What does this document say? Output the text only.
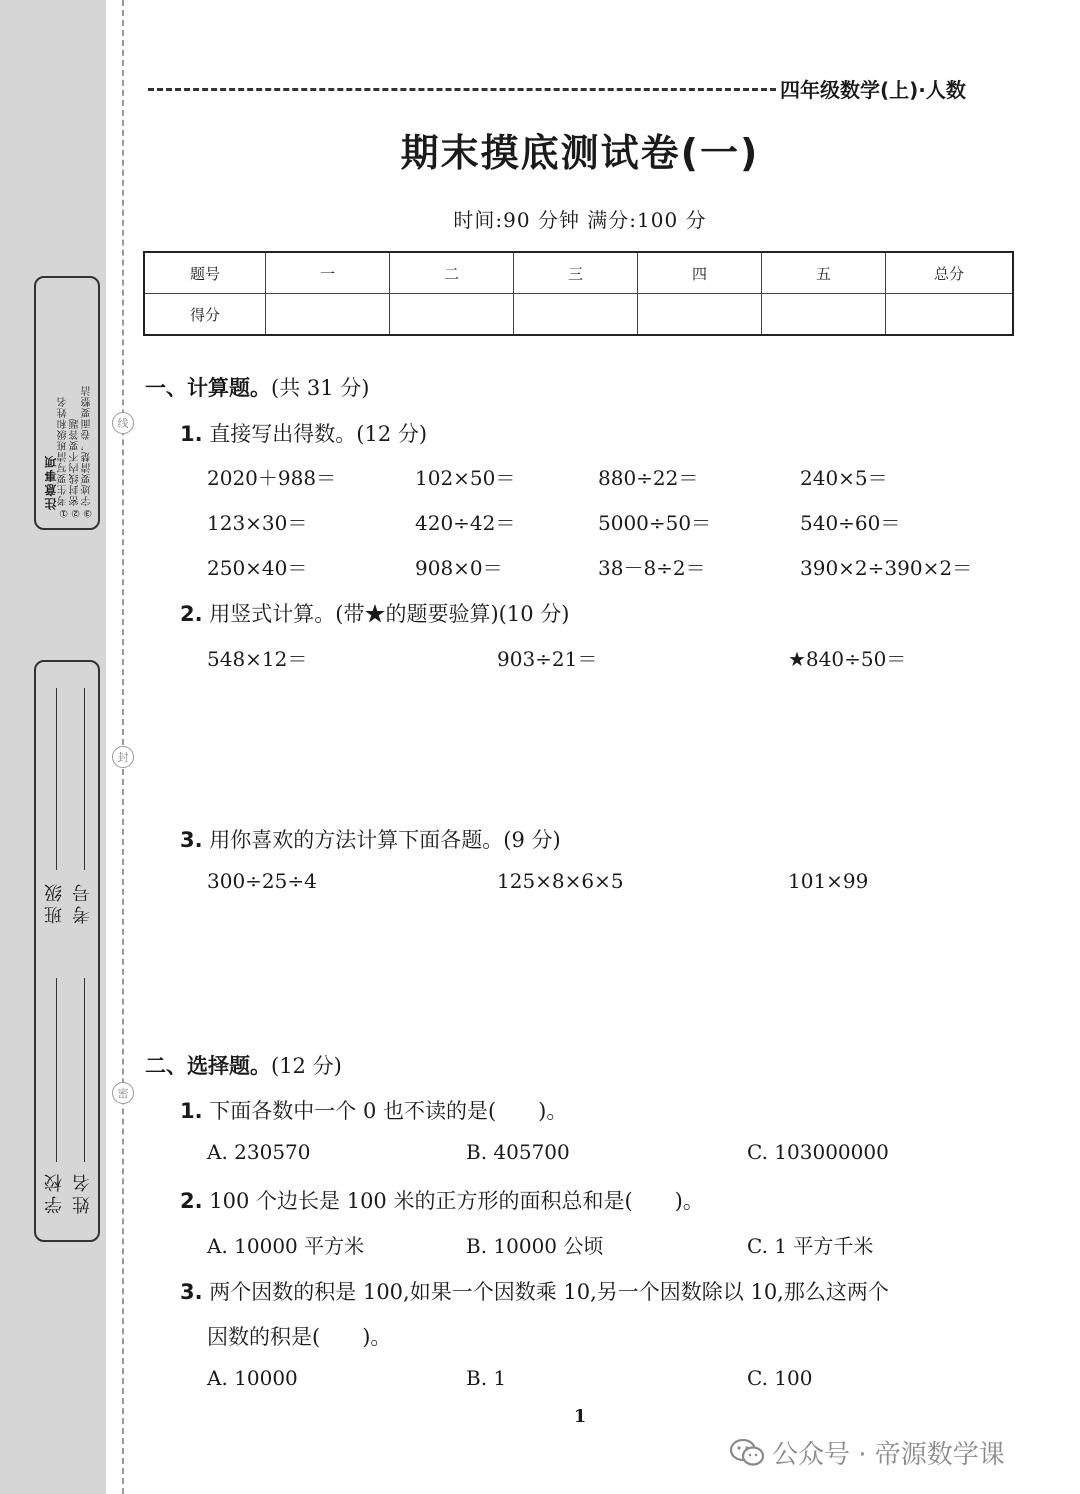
线
封
密
注意事项 ①考生要写清班级和姓名 ②密封线内不要答题 ③字迹要清楚，卷面要整洁
班级 考号
学校 姓名
四年级数学(上)·人数
期末摸底测试卷(一)
时间:90 分钟 满分:100 分
题号	一	二	三	四	五	总分
得分						
一、计算题。(共 31 分)
1. 直接写出得数。(12 分)
2020＋988＝	102×50＝	880÷22＝	240×5＝
123×30＝	420÷42＝	5000÷50＝	540÷60＝
250×40＝	908×0＝	38－8÷2＝	390×2÷390×2＝
2. 用竖式计算。(带★的题要验算)(10 分)
548×12＝	903÷21＝	★840÷50＝
3. 用你喜欢的方法计算下面各题。(9 分)
300÷25÷4	125×8×6×5	101×99
二、选择题。(12 分)
1. 下面各数中一个 0 也不读的是(　　)。
A. 230570	B. 405700	C. 103000000
2. 100 个边长是 100 米的正方形的面积总和是(　　)。
A. 10000 平方米	B. 10000 公顷	C. 1 平方千米
3. 两个因数的积是 100,如果一个因数乘 10,另一个因数除以 10,那么这两个
因数的积是(　　)。
A. 10000	B. 1	C. 100
1
公众号 · 帝源数学课
